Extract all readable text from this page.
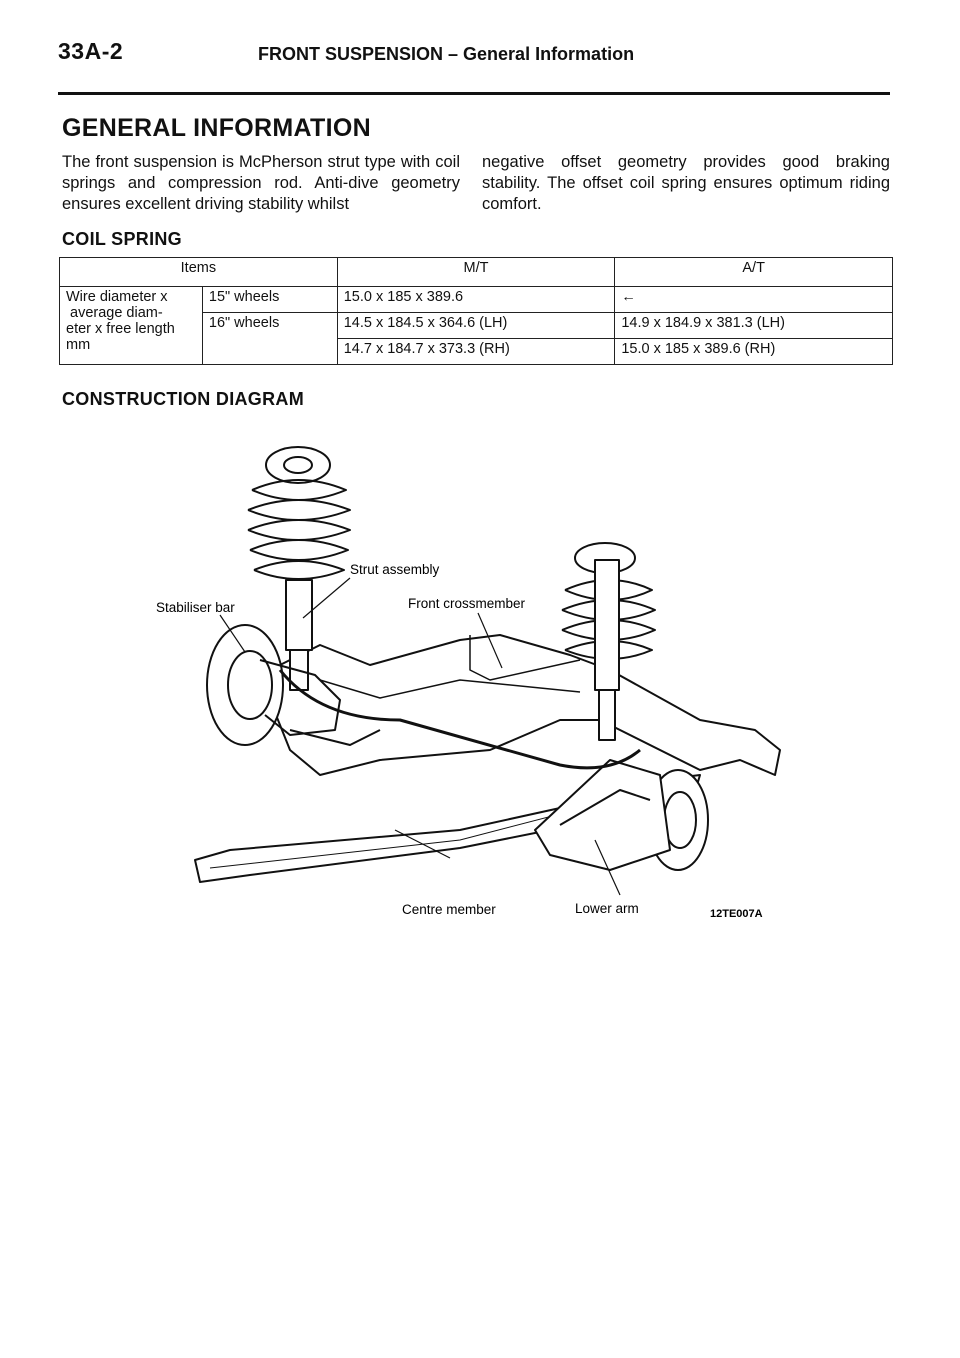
33A-2	FRONT SUSPENSION – General Information
GENERAL INFORMATION
The front suspension is McPherson strut type with coil springs and compression rod. Anti-dive geometry ensures excellent driving stability whilst
negative offset geometry provides good braking stability. The offset coil spring ensures optimum riding comfort.
COIL SPRING
Items		M/T	A/T

Wire diameter x
average diam-
eter x free length
mm	15" wheels	15.0 x 185 x 389.6	←
	16" wheels	14.5 x 184.5 x 364.6 (LH)	14.9 x 184.9 x 381.3 (LH)
		14.7 x 184.7 x 373.3 (RH)	15.0 x 185 x 389.6 (RH)
CONSTRUCTION DIAGRAM
Strut assembly
Stabiliser bar	Front crossmember
Centre member	Lower arm	12TE007A
